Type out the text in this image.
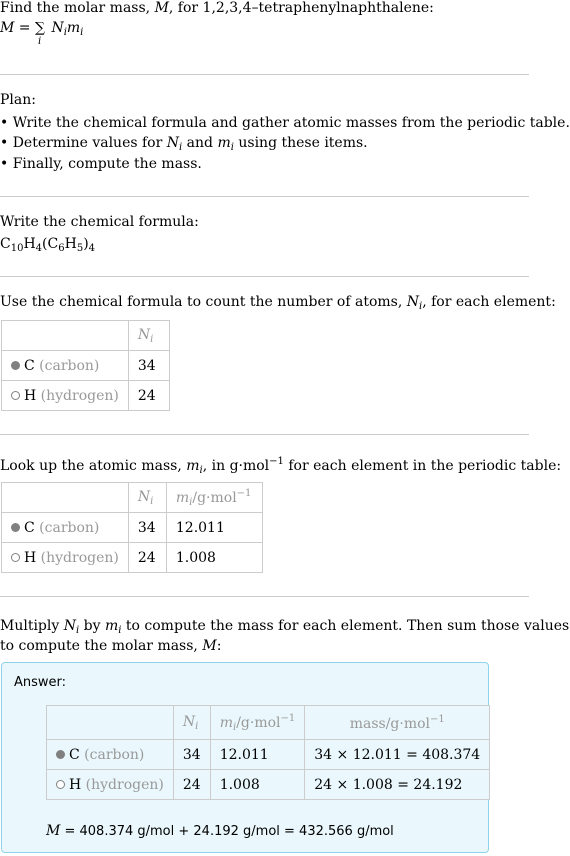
Find the molar mass, M, for 1,2,3,4–tetraphenylnaphthalene:
M = ∑
i
$N_im_i$
Plan:
• Write the chemical formula and gather atomic masses from the periodic table.
• Determine values for $N_i$ and $m_i$ using these items.
• Finally, compute the mass.
Write the chemical formula:
$C_{10}H_4(C_6H_5)_4$
Use the chemical formula to count the number of atoms, $N_i$, for each element:
	$N_i$
C (carbon)	34
H (hydrogen)	24
Look up the atomic mass, $m_i$, in g·mol$^{-1}$ for each element in the periodic table:
	$N_i$	$m_i/g\cdot mol^{-1}$
C (carbon)	34	12.011
H (hydrogen)	24	1.008
Multiply $N_i$ by $m_i$ to compute the mass for each element. Then sum those values
to compute the molar mass, M:
Answer:
	$N_i$	$m_i/g\cdot mol^{-1}$	mass/g·mol$^{-1}$
C (carbon)	34	12.011	34 × 12.011 = 408.374
H (hydrogen)	24	1.008	24 × 1.008 = 24.192
M = 408.374 g/mol + 24.192 g/mol = 432.566 g/mol
